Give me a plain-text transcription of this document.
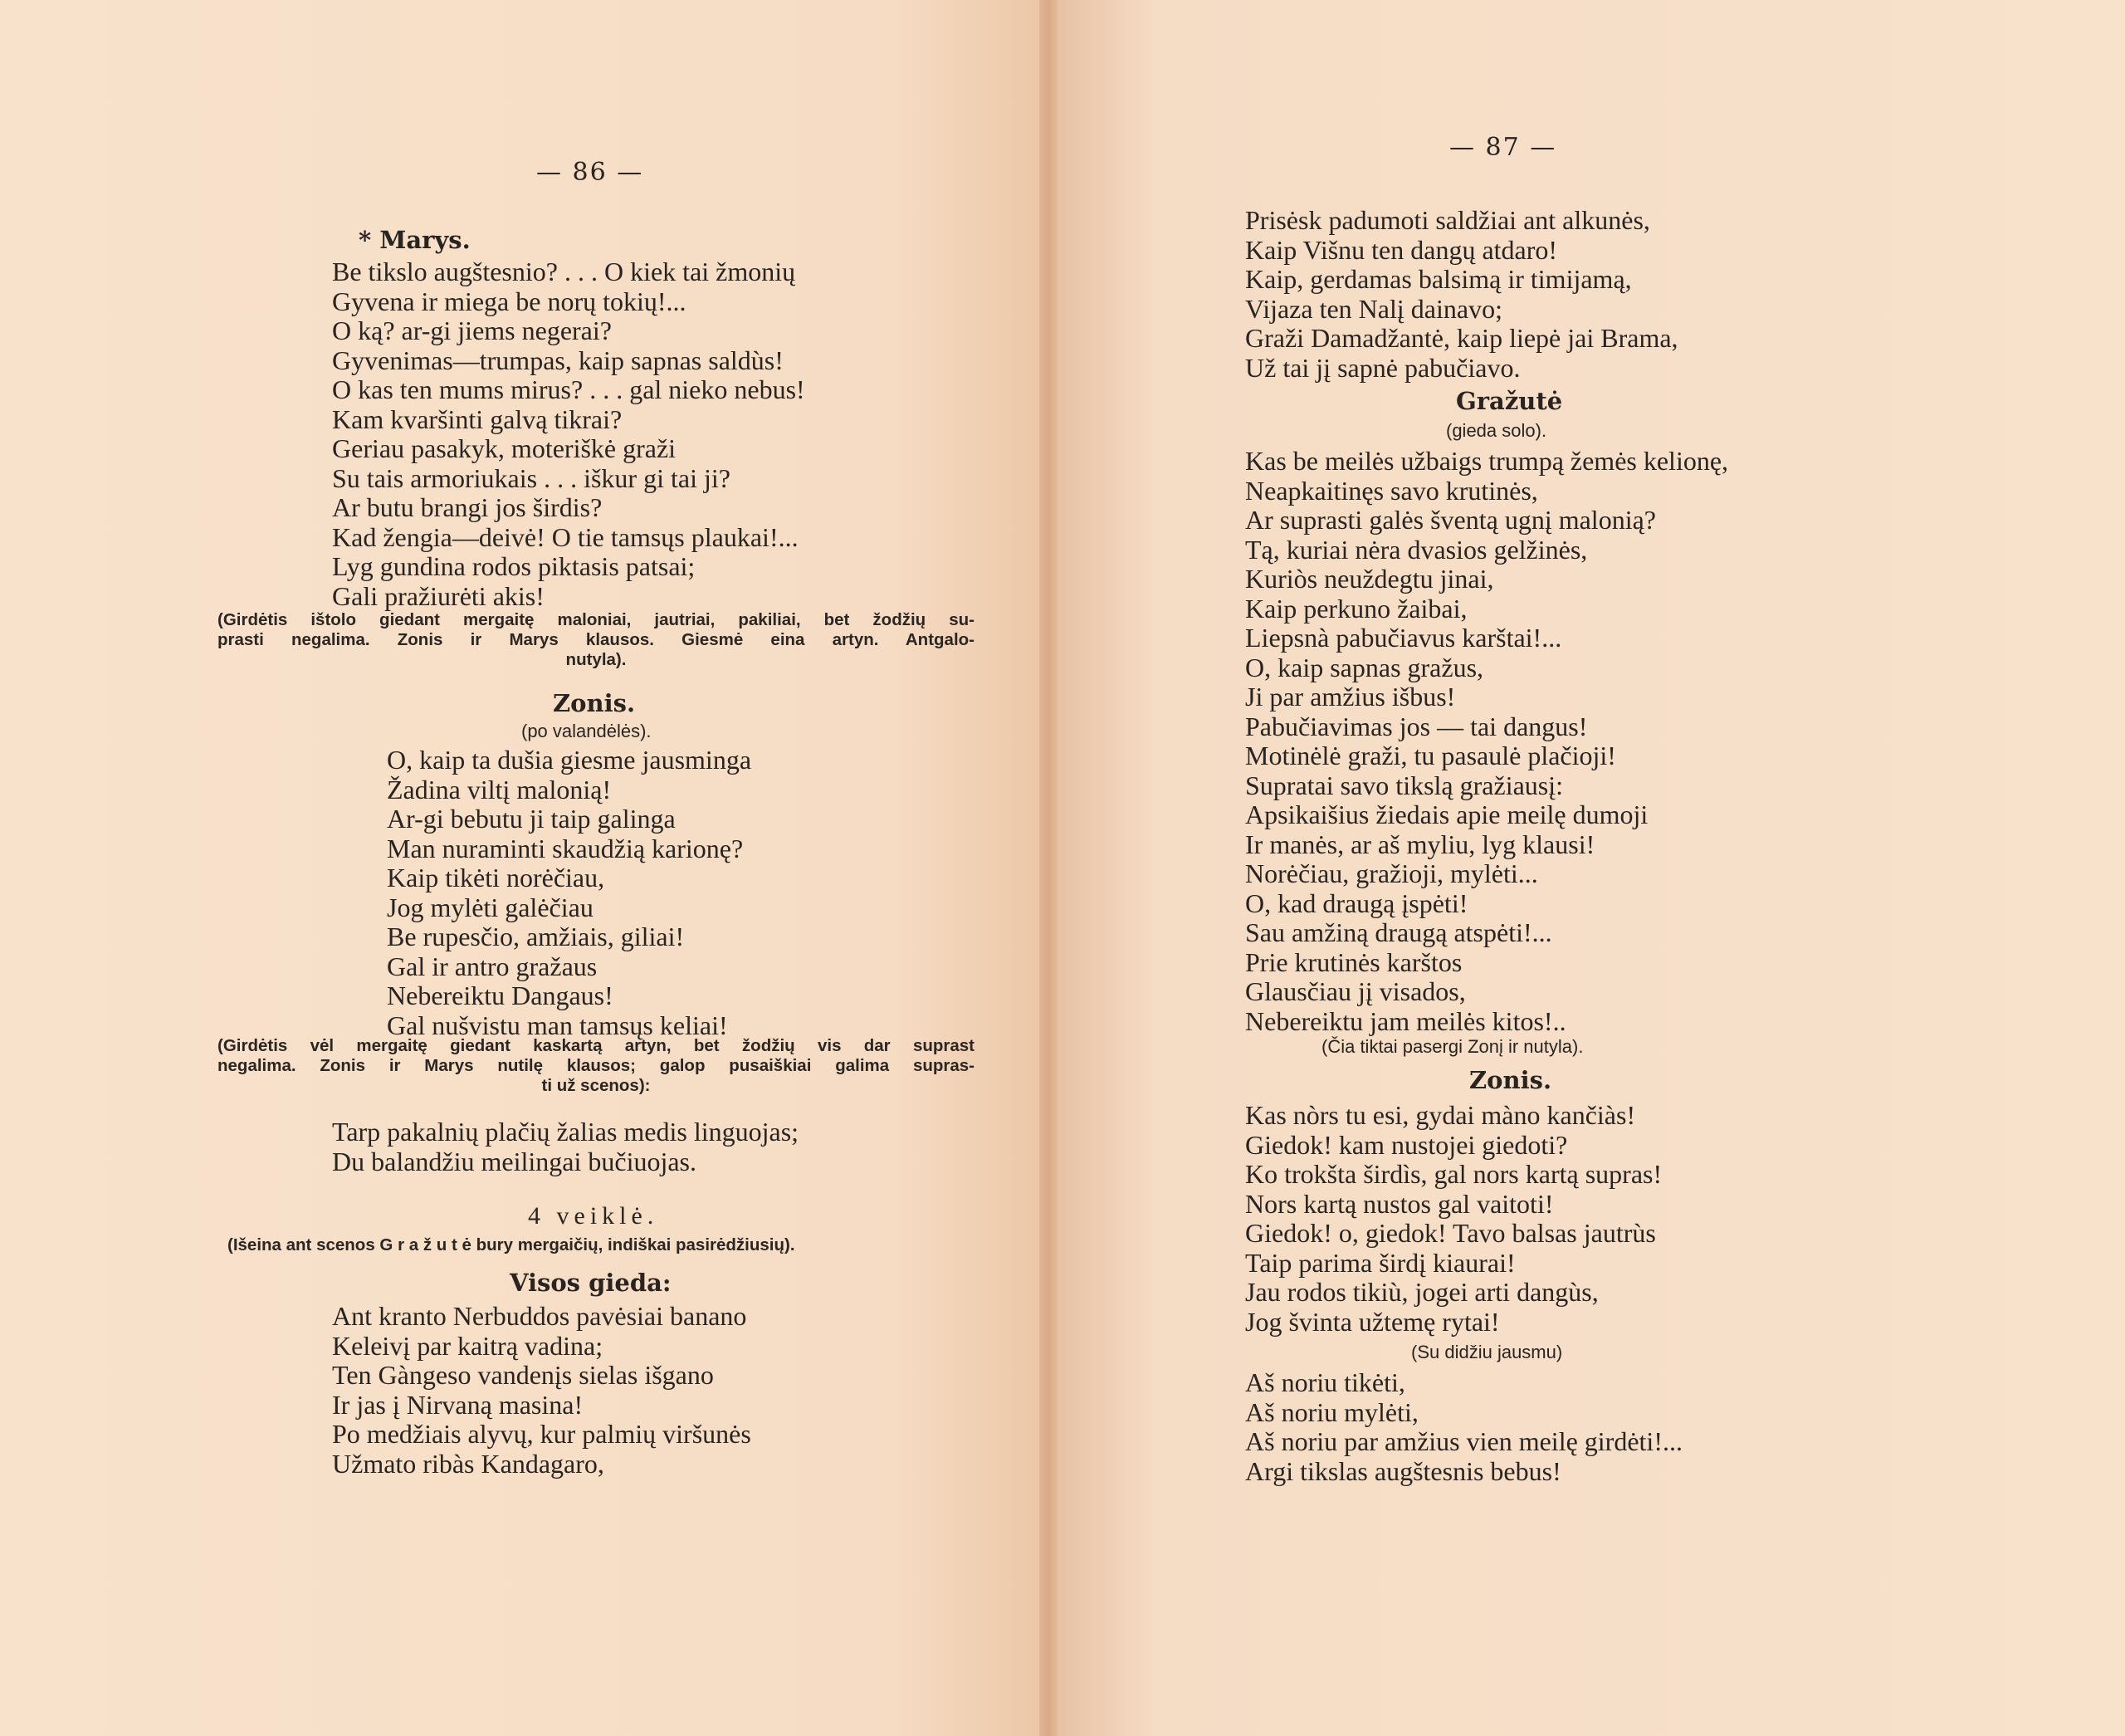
— 86 —
* Marys.
Be tikslo augštesnio? . . . O kiek tai žmonių
Gyvena ir miega be norų tokių!...
O ką? ar-gi jiems negerai?
Gyvenimas—trumpas, kaip sapnas saldùs!
O kas ten mums mirus? . . . gal nieko nebus!
Kam kvaršinti galvą tikrai?
Geriau pasakyk, moteriškė graži
Su tais armoriukais . . . iškur gi tai ji?
Ar butu brangi jos širdis?
Kad žengia—deivė! O tie tamsųs plaukai!...
Lyg gundina rodos piktasis patsai;
Gali pražiurėti akis!
(Girdėtis ištolo giedant mergaitę maloniai, jautriai, pakiliai, bet žodžių su-
prasti negalima. Zonis ir Marys klausos. Giesmė eina artyn. Antgalo-
nutyla).
Zonis.
(po valandėlės).
O, kaip ta dušia giesme jausminga
Žadina viltį malonią!
Ar-gi bebutu ji taip galinga
Man nuraminti skaudžią karionę?
Kaip tikėti norėčiau,
Jog mylėti galėčiau
Be rupesčio, amžiais, giliai!
Gal ir antro gražaus
Nebereiktu Dangaus!
Gal nušvistu man tamsųs keliai!
(Girdėtis vėl mergaitę giedant kaskartą artyn, bet žodžių vis dar suprast
negalima. Zonis ir Marys nutilę klausos; galop pusaiškiai galima supras-
ti už scenos):
Tarp pakalnių plačių žalias medis linguojas;
Du balandžiu meilingai bučiuojas.
4 veiklė.
(Išeina ant scenos G r a ž u t ė bury mergaičių, indiškai pasirėdžiusių).
Visos gieda:
Ant kranto Nerbuddos pavėsiai banano
Keleivį par kaitrą vadina;
Ten Gàngeso vandenįs sielas išgano
Ir jas į Nirvaną masina!
Po medžiais alyvų, kur palmių viršunės
Užmato ribàs Kandagaro,
— 87 —
Prisėsk padumoti saldžiai ant alkunės,
Kaip Višnu ten dangų atdaro!
Kaip, gerdamas balsimą ir timijamą,
Vijaza ten Nalį dainavo;
Graži Damadžantė, kaip liepė jai Brama,
Už tai jį sapnė pabučiavo.
Gražutė
(gieda solo).
Kas be meilės užbaigs trumpą žemės kelionę,
Neapkaitinęs savo krutinės,
Ar suprasti galės šventą ugnį malonią?
Tą, kuriai nėra dvasios gelžinės,
Kuriòs neuždegtu jinai,
Kaip perkuno žaibai,
Liepsnà pabučiavus karštai!...
O, kaip sapnas gražus,
Ji par amžius išbus!
Pabučiavimas jos — tai dangus!
Motinėlė graži, tu pasaulė plačioji!
Supratai savo tikslą gražiausį:
Apsikaišius žiedais apie meilę dumoji
Ir manės, ar aš myliu, lyg klausi!
Norėčiau, gražioji, mylėti...
O, kad draugą įspėti!
Sau amžiną draugą atspėti!...
Prie krutinės karštos
Glausčiau jį visados,
Nebereiktu jam meilės kitos!..
(Čia tiktai pasergi Zonį ir nutyla).
Zonis.
Kas nòrs tu esi, gydai màno kančiàs!
Giedok! kam nustojei giedoti?
Ko trokšta širdìs, gal nors kartą supras!
Nors kartą nustos gal vaitoti!
Giedok! o, giedok! Tavo balsas jautrùs
Taip parima širdį kiaurai!
Jau rodos tikiù, jogei arti dangùs,
Jog švinta užtemę rytai!
(Su didžiu jausmu)
Aš noriu tikėti,
Aš noriu mylėti,
Aš noriu par amžius vien meilę girdėti!...
Argi tikslas augštesnis bebus!
